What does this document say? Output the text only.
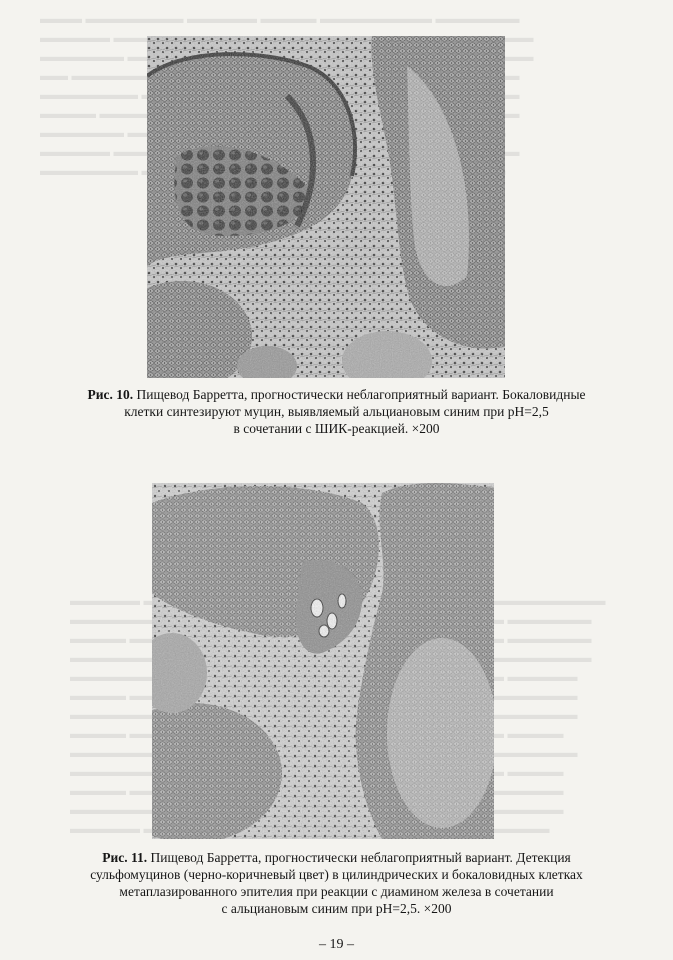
▬▬▬ ▬▬▬▬▬▬▬ ▬▬▬▬▬ ▬▬▬▬ ▬▬▬▬▬▬▬▬ ▬▬▬▬▬▬
▬▬▬▬▬
▬▬▬▬▬▬
▬▬ ▬▬▬▬▬▬▬
▬▬▬▬▬▬▬
▬▬▬▬
▬▬▬▬▬▬
▬▬▬▬▬
▬▬▬▬▬▬▬
▬▬▬▬▬ ▬▬▬▬▬▬▬▬
▬▬▬▬▬▬▬▬ ▬▬▬▬▬▬
▬▬▬▬ ▬▬▬▬▬▬
▬▬▬▬▬▬ ▬▬▬▬▬▬▬
▬▬▬▬▬▬▬▬ ▬▬▬▬▬
▬▬▬▬ ▬▬▬▬▬▬▬▬
▬▬▬▬▬▬▬ ▬▬▬▬▬▬
▬▬▬▬ ▬▬▬▬
▬▬▬▬▬▬ ▬▬▬▬▬▬
▬▬▬▬▬▬▬▬ ▬▬▬▬
▬▬▬▬ ▬▬▬▬▬▬
▬▬▬▬▬▬▬ ▬▬▬▬▬
▬▬▬▬▬ ▬▬▬▬
Рис. 10. Пищевод Барретта, прогностически неблагоприятный вариант. Бокаловидные
клетки синтезируют муцин, выявляемый альциановым синим при рН=2,5
в сочетании с ШИК-реакцией. ×200
Рис. 11. Пищевод Барретта, прогностически неблагоприятный вариант. Детекция
сульфомуцинов (черно-коричневый цвет) в цилиндрических и бокаловидных клетках
метаплазированного эпителия при реакции с диамином железа в сочетании
с альциановым синим при рН=2,5. ×200
– 19 –
